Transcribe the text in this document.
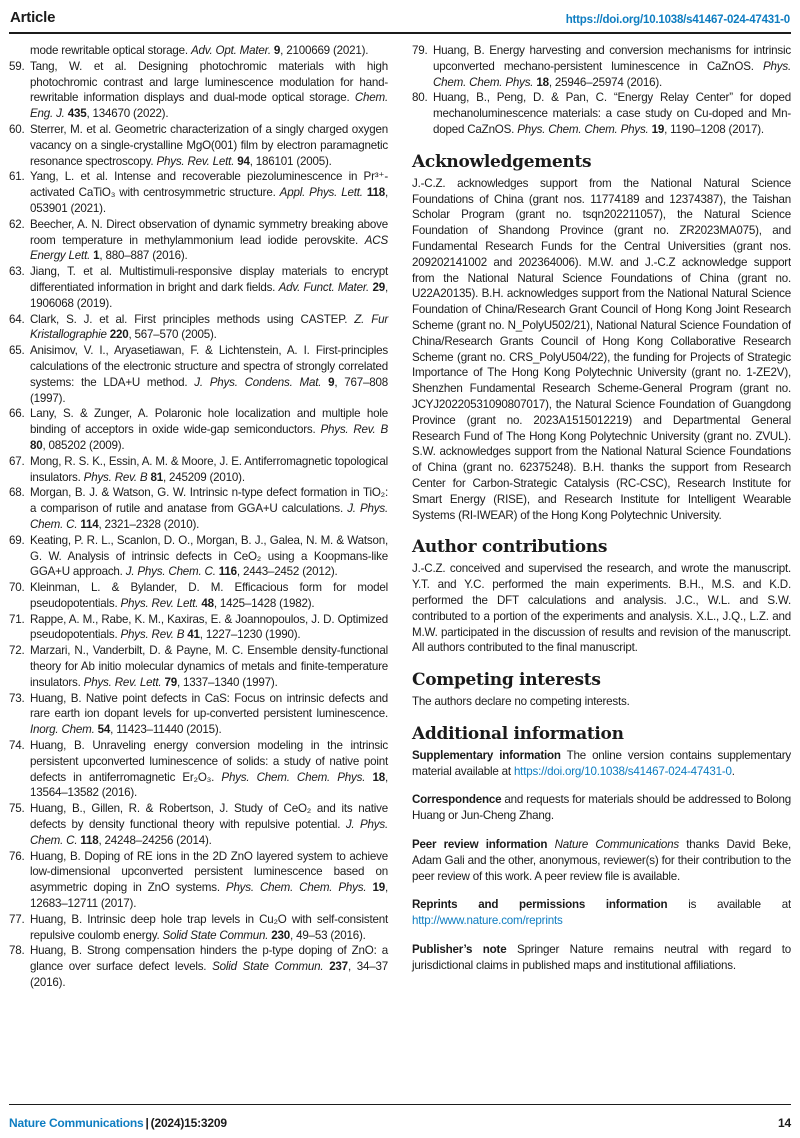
Article	https://doi.org/10.1038/s41467-024-47431-0
mode rewritable optical storage. Adv. Opt. Mater. 9, 2100669 (2021).
59. Tang, W. et al. Designing photochromic materials with high photochromic contrast and large luminescence modulation for hand-rewritable information displays and dual-mode optical storage. Chem. Eng. J. 435, 134670 (2022).
60. Sterrer, M. et al. Geometric characterization of a singly charged oxygen vacancy on a single-crystalline MgO(001) film by electron paramagnetic resonance spectroscopy. Phys. Rev. Lett. 94, 186101 (2005).
61. Yang, L. et al. Intense and recoverable piezoluminescence in Pr³⁺-activated CaTiO₃ with centrosymmetric structure. Appl. Phys. Lett. 118, 053901 (2021).
62. Beecher, A. N. Direct observation of dynamic symmetry breaking above room temperature in methylammonium lead iodide perovskite. ACS Energy Lett. 1, 880–887 (2016).
63. Jiang, T. et al. Multistimuli-responsive display materials to encrypt differentiated information in bright and dark fields. Adv. Funct. Mater. 29, 1906068 (2019).
64. Clark, S. J. et al. First principles methods using CASTEP. Z. Fur Kristallographie 220, 567–570 (2005).
65. Anisimov, V. I., Aryasetiawan, F. & Lichtenstein, A. I. First-principles calculations of the electronic structure and spectra of strongly correlated systems: the LDA+U method. J. Phys. Condens. Mat. 9, 767–808 (1997).
66. Lany, S. & Zunger, A. Polaronic hole localization and multiple hole binding of acceptors in oxide wide-gap semiconductors. Phys. Rev. B 80, 085202 (2009).
67. Mong, R. S. K., Essin, A. M. & Moore, J. E. Antiferromagnetic topological insulators. Phys. Rev. B 81, 245209 (2010).
68. Morgan, B. J. & Watson, G. W. Intrinsic n-type defect formation in TiO₂: a comparison of rutile and anatase from GGA+U calculations. J. Phys. Chem. C. 114, 2321–2328 (2010).
69. Keating, P. R. L., Scanlon, D. O., Morgan, B. J., Galea, N. M. & Watson, G. W. Analysis of intrinsic defects in CeO₂ using a Koopmans-like GGA+U approach. J. Phys. Chem. C. 116, 2443–2452 (2012).
70. Kleinman, L. & Bylander, D. M. Efficacious form for model pseudopotentials. Phys. Rev. Lett. 48, 1425–1428 (1982).
71. Rappe, A. M., Rabe, K. M., Kaxiras, E. & Joannopoulos, J. D. Optimized pseudopotentials. Phys. Rev. B 41, 1227–1230 (1990).
72. Marzari, N., Vanderbilt, D. & Payne, M. C. Ensemble density-functional theory for Ab initio molecular dynamics of metals and finite-temperature insulators. Phys. Rev. Lett. 79, 1337–1340 (1997).
73. Huang, B. Native point defects in CaS: Focus on intrinsic defects and rare earth ion dopant levels for up-converted persistent luminescence. Inorg. Chem. 54, 11423–11440 (2015).
74. Huang, B. Unraveling energy conversion modeling in the intrinsic persistent upconverted luminescence of solids: a study of native point defects in antiferromagnetic Er₂O₃. Phys. Chem. Chem. Phys. 18, 13564–13582 (2016).
75. Huang, B., Gillen, R. & Robertson, J. Study of CeO₂ and its native defects by density functional theory with repulsive potential. J. Phys. Chem. C. 118, 24248–24256 (2014).
76. Huang, B. Doping of RE ions in the 2D ZnO layered system to achieve low-dimensional upconverted persistent luminescence based on asymmetric doping in ZnO systems. Phys. Chem. Chem. Phys. 19, 12683–12711 (2017).
77. Huang, B. Intrinsic deep hole trap levels in Cu₂O with self-consistent repulsive coulomb energy. Solid State Commun. 230, 49–53 (2016).
78. Huang, B. Strong compensation hinders the p-type doping of ZnO: a glance over surface defect levels. Solid State Commun. 237, 34–37 (2016).
79. Huang, B. Energy harvesting and conversion mechanisms for intrinsic upconverted mechano-persistent luminescence in CaZnOS. Phys. Chem. Chem. Phys. 18, 25946–25974 (2016).
80. Huang, B., Peng, D. & Pan, C. “Energy Relay Center” for doped mechanoluminescence materials: a case study on Cu-doped and Mn-doped CaZnOS. Phys. Chem. Chem. Phys. 19, 1190–1208 (2017).
Acknowledgements

J.-C.Z. acknowledges support from the National Natural Science Foundations of China (grant nos. 11774189 and 12374387), the Taishan Scholar Program (grant no. tsqn202211057), the Natural Science Foundation of Shandong Province (grant no. ZR2023MA075), and Fundamental Research Funds for the Central Universities (grant nos. 209202141002 and 202364006). M.W. and J.-C.Z acknowledge support from the National Natural Science Foundations of China (grant no. U22A20135). B.H. acknowledges support from the National Natural Science Foundation of China/Research Grant Council of Hong Kong Joint Research Scheme (grant no. N_PolyU502/21), National Natural Science Foundation of China/Research Grants Council of Hong Kong Collaborative Research Scheme (grant no. CRS_PolyU504/22), the funding for Projects of Strategic Importance of The Hong Kong Polytechnic University (grant no. 1-ZE2V), Shenzhen Fundamental Research Scheme-General Program (grant no. JCYJ20220531090807017), the Natural Science Foundation of Guangdong Province (grant no. 2023A1515012219) and Departmental General Research Fund of The Hong Kong Polytechnic University (grant no. ZVUL). S.W. acknowledges support from the National Natural Science Foundations of China (grant no. 62375248). B.H. thanks the support from Research Center for Carbon-Strategic Catalysis (RC-CSC), Research Institute for Smart Energy (RISE), and Research Institute for Intelligent Wearable Systems (RI-IWEAR) of the Hong Kong Polytechnic University.

Author contributions

J.-C.Z. conceived and supervised the research, and wrote the manuscript. Y.T. and Y.C. performed the main experiments. B.H., M.S. and K.D. performed the DFT calculations and analysis. J.C., W.L. and S.W. contributed to a portion of the experiments and analysis. X.L., J.Q., L.Z. and M.W. participated in the discussion of results and revision of the manuscript. All authors contributed to the final manuscript.

Competing interests

The authors declare no competing interests.

Additional information

Supplementary information The online version contains supplementary material available at https://doi.org/10.1038/s41467-024-47431-0.

Correspondence and requests for materials should be addressed to Bolong Huang or Jun-Cheng Zhang.

Peer review information Nature Communications thanks David Beke, Adam Gali and the other, anonymous, reviewer(s) for their contribution to the peer review of this work. A peer review file is available.

Reprints and permissions information is available at http://www.nature.com/reprints

Publisher’s note Springer Nature remains neutral with regard to jurisdictional claims in published maps and institutional affiliations.

Nature Communications | (2024)15:3209	14
